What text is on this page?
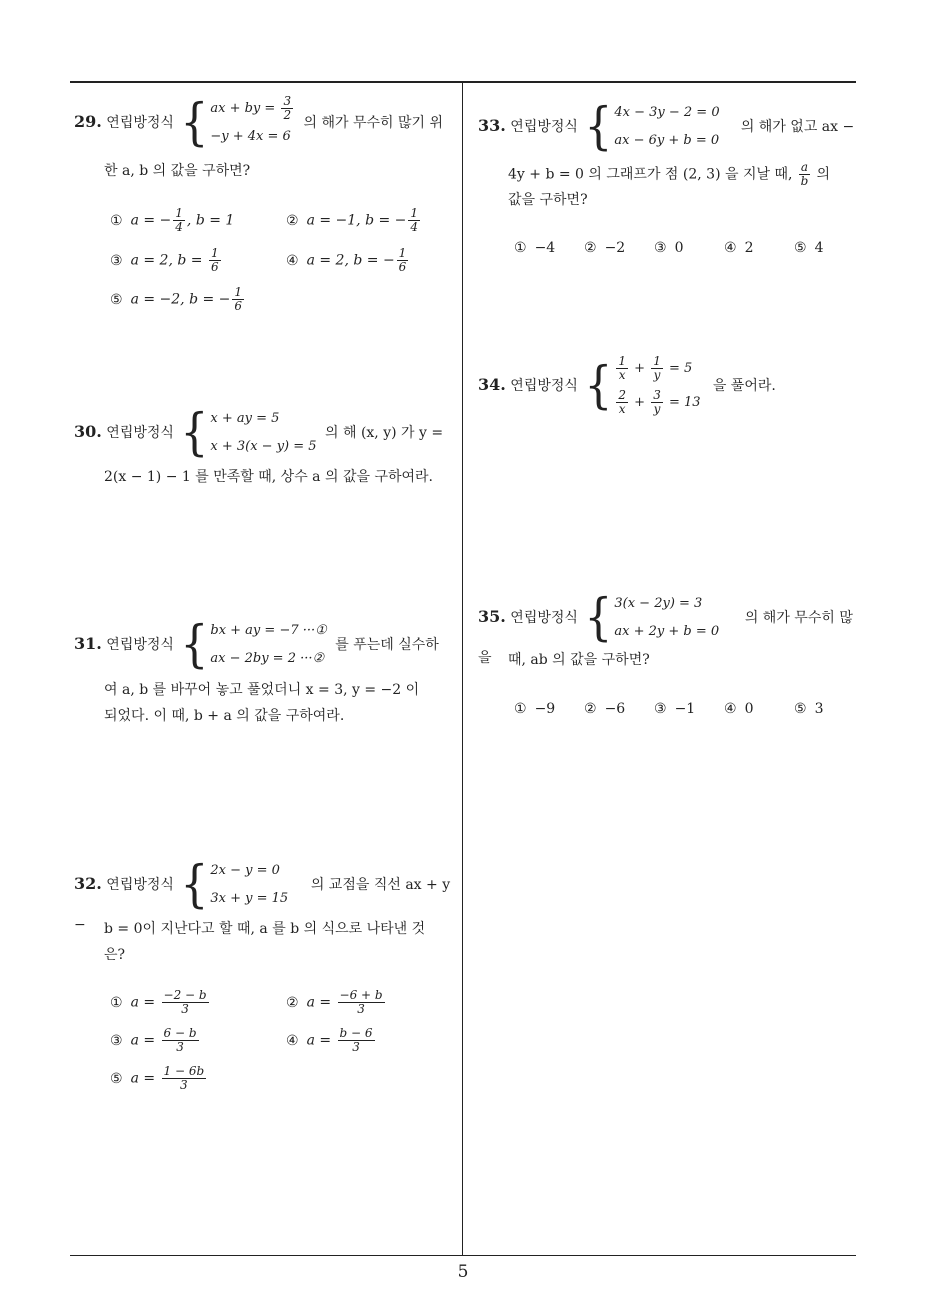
5
29. 연립방정식 { ax + by = $\frac{3}{2}$
−y + 4x = 6
의 해가 무수히 많기 위
한 a, b 의 값을 구하면?
① a = − $\frac{1}{4}$ , b = 1	② a = −1, b = − $\frac{1}{4}$
③ a = 2, $b = \frac{1}{6}$	④ a = 2, b = − $\frac{1}{6}$
⑤ a = −2, b = − $\frac{1}{6}$
30. 연립방정식 { x + ay = 5
x + 3(x − y) = 5
의 해 (x, y) 가 y =
2(x − 1) − 1 를 만족할 때, 상수 a 의 값을 구하여라.
31. 연립방정식 { bx + ay = −7 ···①
ax − 2by = 2 ···②
를 푸는데 실수하
여 a, b 를 바꾸어 놓고 풀었더니 x = 3, y = −2 이
되었다. 이 때, b + a 의 값을 구하여라.
32. 연립방정식 { 2x − y = 0
3x + y = 15
의 교점을 직선 ax + y −	b = 0이 지난다고 할 때, a 를 b 의 식으로 나타낸 것
은?
① $a = \frac{-2 - b}{3}$	② $a = \frac{-6 + b}{3}$
③ $a = \frac{6 - b}{3}$	④ $a = \frac{b - 6}{3}$
⑤ $a = \frac{1 - 6b}{3}$
33. 연립방정식 { 4x − 3y − 2 = 0
ax − 6y + b = 0
의 해가 없고 ax −
4y + b = 0 의 그래프가 점 (2, 3) 을 지날 때, $\frac{a}{b}$ 의
값을 구하면?
① −4 ② −2 ③ 0	④ 2	⑤ 4
34. 연립방정식 { $\frac{1}{x} + \frac{1}{y} = 5$
$\frac{2}{x} + \frac{3}{y} = 13$
을 풀어라.
35. 연립방정식 { 3(x − 2y) = 3
ax + 2y + b = 0
의 해가 무수히 많을	때, ab 의 값을 구하면?
① −9 ② −6 ③ −1 ④ 0	⑤ 3
